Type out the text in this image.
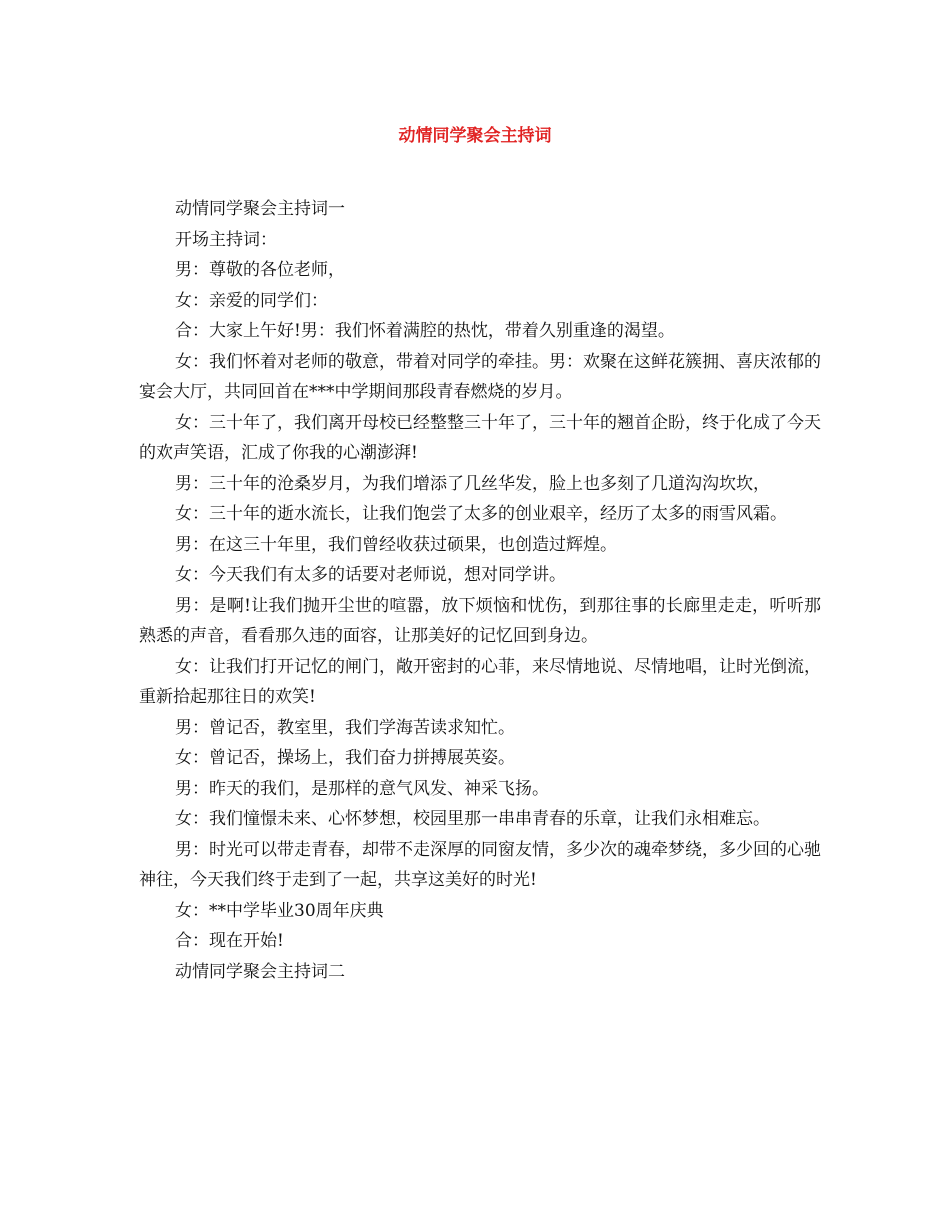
动情同学聚会主持词

动情同学聚会主持词一

开场主持词：

男：尊敬的各位老师，

女：亲爱的同学们：

合：大家上午好!男：我们怀着满腔的热忱，带着久别重逢的渴望。

女：我们怀着对老师的敬意，带着对同学的牵挂。男：欢聚在这鲜花簇拥、喜庆浓郁的宴会大厅，共同回首在***中学期间那段青春燃烧的岁月。

女：三十年了，我们离开母校已经整整三十年了，三十年的翘首企盼，终于化成了今天的欢声笑语，汇成了你我的心潮澎湃!

男：三十年的沧桑岁月，为我们增添了几丝华发，脸上也多刻了几道沟沟坎坎，

女：三十年的逝水流长，让我们饱尝了太多的创业艰辛，经历了太多的雨雪风霜。

男：在这三十年里，我们曾经收获过硕果，也创造过辉煌。

女：今天我们有太多的话要对老师说，想对同学讲。

男：是啊!让我们抛开尘世的喧嚣，放下烦恼和忧伤，到那往事的长廊里走走，听听那熟悉的声音，看看那久违的面容，让那美好的记忆回到身边。

女：让我们打开记忆的闸门，敞开密封的心菲，来尽情地说、尽情地唱，让时光倒流，重新拾起那往日的欢笑!

男：曾记否，教室里，我们学海苦读求知忙。

女：曾记否，操场上，我们奋力拼搏展英姿。

男：昨天的我们，是那样的意气风发、神采飞扬。

女：我们憧憬未来、心怀梦想，校园里那一串串青春的乐章，让我们永相难忘。

男：时光可以带走青春，却带不走深厚的同窗友情，多少次的魂牵梦绕，多少回的心驰神往，今天我们终于走到了一起，共享这美好的时光!

女：**中学毕业30周年庆典

合：现在开始!

动情同学聚会主持词二
